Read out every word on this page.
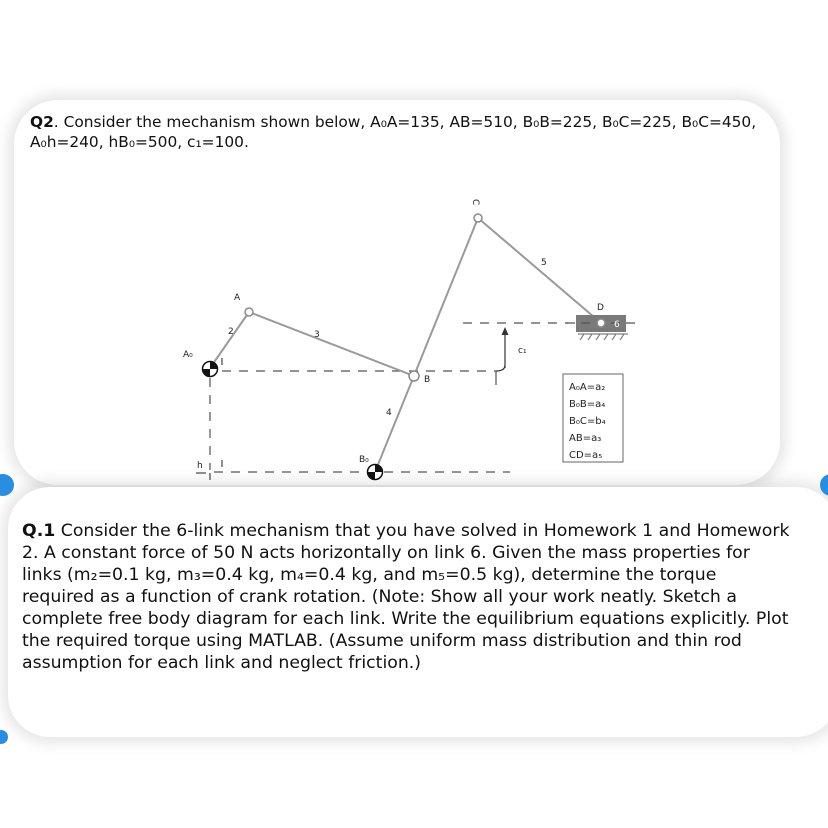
Q2. Consider the mechanism shown below, A₀A=135, AB=510, B₀B=225, B₀C=225, B₀C=450,
A₀h=240, hB₀=500, c₁=100.
A₀
A
2	3
B
4
B₀
h
5
D
6
c₁
C
A₀A=a₂
B₀B=a₄
B₀C=b₄
AB=a₃
CD=a₅
Q.1 Consider the 6-link mechanism that you have solved in Homework 1 and Homework 2. A constant force of 50 N acts horizontally on link 6. Given the mass properties for links (m₂=0.1 kg, m₃=0.4 kg, m₄=0.4 kg, and m₅=0.5 kg), determine the torque required as a function of crank rotation. (Note: Show all your work neatly. Sketch a complete free body diagram for each link. Write the equilibrium equations explicitly. Plot the required torque using MATLAB. (Assume uniform mass distribution and thin rod assumption for each link and neglect friction.)
